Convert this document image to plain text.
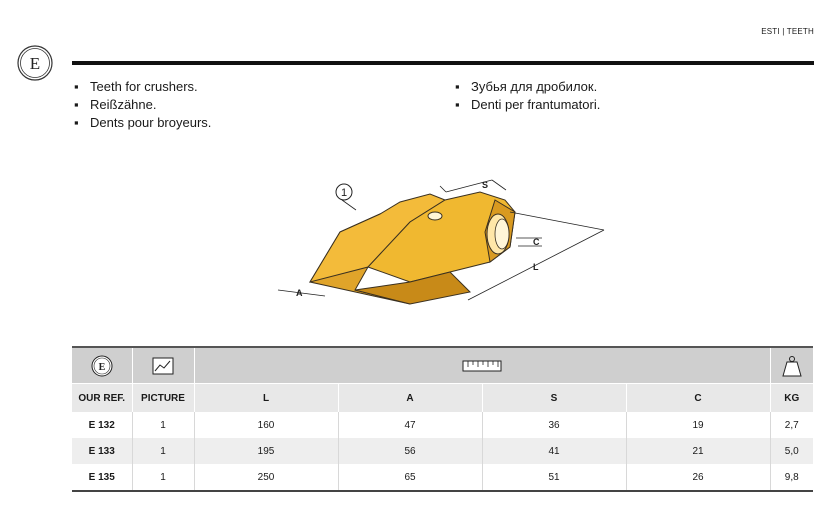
ESTI | TEETH
E
▪ Teeth for crushers.
▪ Reißzähne.
▪ Dents pour broyeurs.
▪ Зубья для дробилок.
▪ Denti per frantumatori.
1
S
C
L
A
E

OUR REF.	PICTURE	L	A	S	C	KG
E 132	1	160	47	36	19	2,7
E 133	1	195	56	41	21	5,0
E 135	1	250	65	51	26	9,8
